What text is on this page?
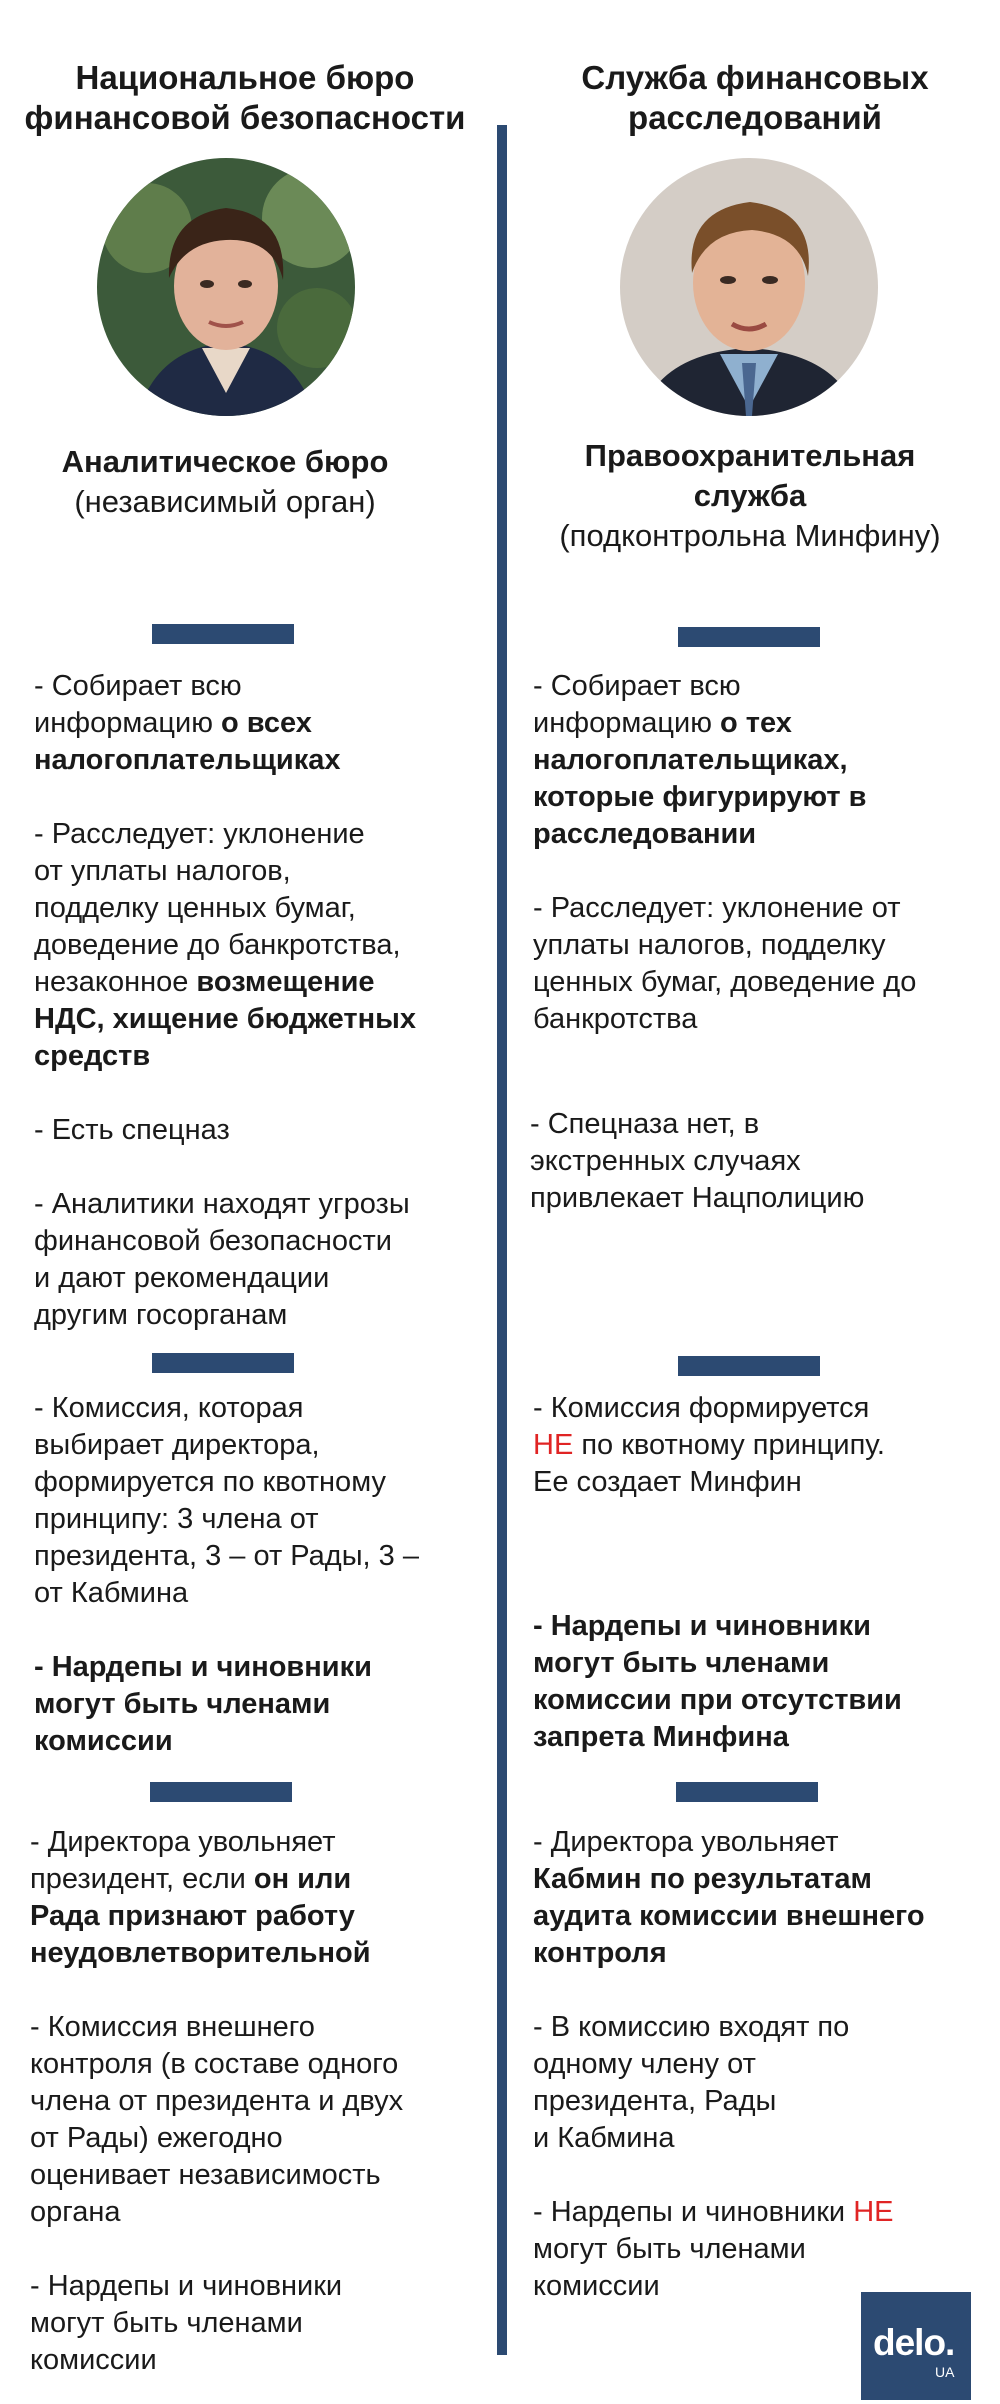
Национальное бюро
финансовой безопасности
Аналитическое бюро
(независимый орган)
Служба финансовых
расследований
Правоохранительная
служба
(подконтрольна Минфину)

- Собирает всю
информацию о всех
налогоплательщиках

- Расследует: уклонение
от уплаты налогов,
подделку ценных бумаг,
доведение до банкротства,
незаконное возмещение
НДС, хищение бюджетных
средств

- Есть спецназ

- Аналитики находят угрозы
финансовой безопасности
и дают рекомендации
другим госорганам

- Собирает всю
информацию о тех
налогоплательщиках,
которые фигурируют в
расследовании

- Расследует: уклонение от
уплаты налогов, подделку
ценных бумаг, доведение до
банкротства

- Спецназа нет, в
экстренных случаях
привлекает Нацполицию

- Комиссия, которая
выбирает директора,
формируется по квотному
принципу: 3 члена от
президента, 3 – от Рады, 3 –
от Кабмина

- Нардепы и чиновники
могут быть членами
комиссии

- Комиссия формируется
НЕ по квотному принципу.
Ее создает Минфин

- Нардепы и чиновники
могут быть членами
комиссии при отсутствии
запрета Минфина

- Директора увольняет
президент, если он или
Рада признают работу
неудовлетворительной

- Комиссия внешнего
контроля (в составе одного
члена от президента и двух
от Рады) ежегодно
оценивает независимость
органа

- Нардепы и чиновники
могут быть членами
комиссии

- Директора увольняет
Кабмин по результатам
аудита комиссии внешнего
контроля

- В комиссию входят по
одному члену от
президента, Рады
и Кабмина

- Нардепы и чиновники НЕ
могут быть членами
комиссии

delo.
UA
